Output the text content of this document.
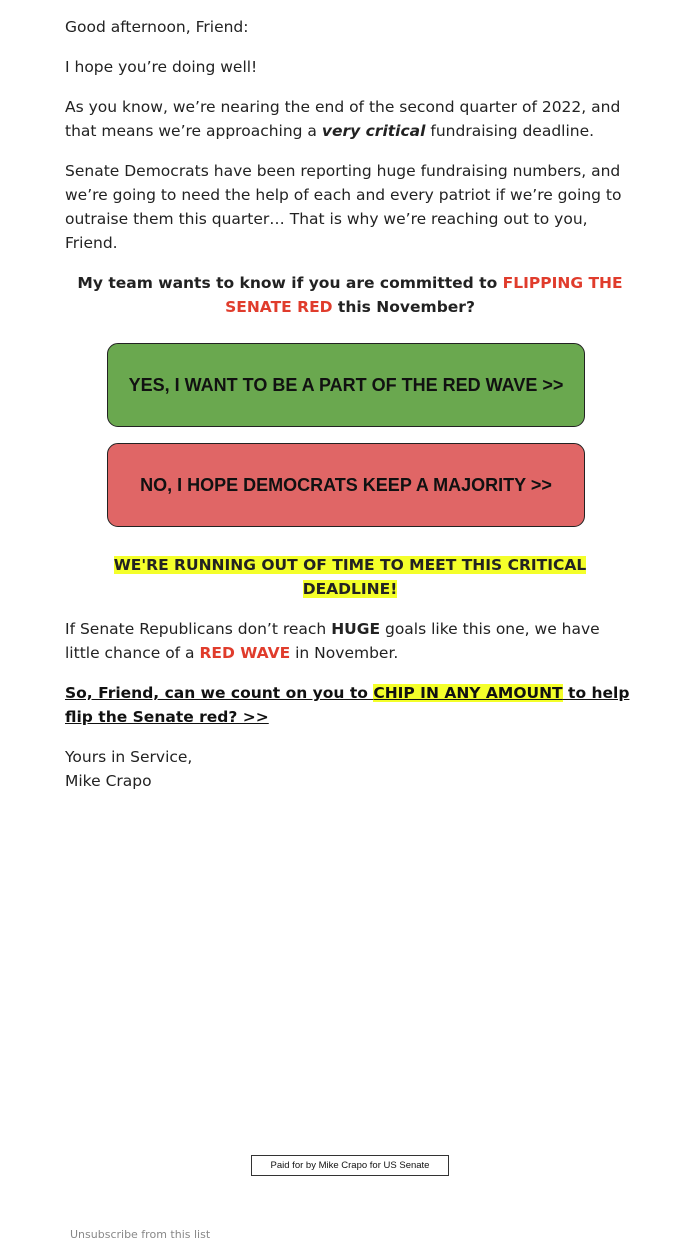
Good afternoon, Friend:

I hope you’re doing well!

As you know, we’re nearing the end of the second quarter of 2022, and that means we’re approaching a very critical fundraising deadline.

Senate Democrats have been reporting huge fundraising numbers, and we’re going to need the help of each and every patriot if we’re going to outraise them this quarter… That is why we’re reaching out to you, Friend.

My team wants to know if you are committed to FLIPPING THE SENATE RED this November?

YES, I WANT TO BE A PART OF THE RED WAVE >>
NO, I HOPE DEMOCRATS KEEP A MAJORITY >>

WE'RE RUNNING OUT OF TIME TO MEET THIS CRITICAL DEADLINE!

If Senate Republicans don’t reach HUGE goals like this one, we have little chance of a RED WAVE in November.

So, Friend, can we count on you to CHIP IN ANY AMOUNT to help flip the Senate red? >>

Yours in Service,
Mike Crapo

Paid for by Mike Crapo for US Senate
Unsubscribe from this list
